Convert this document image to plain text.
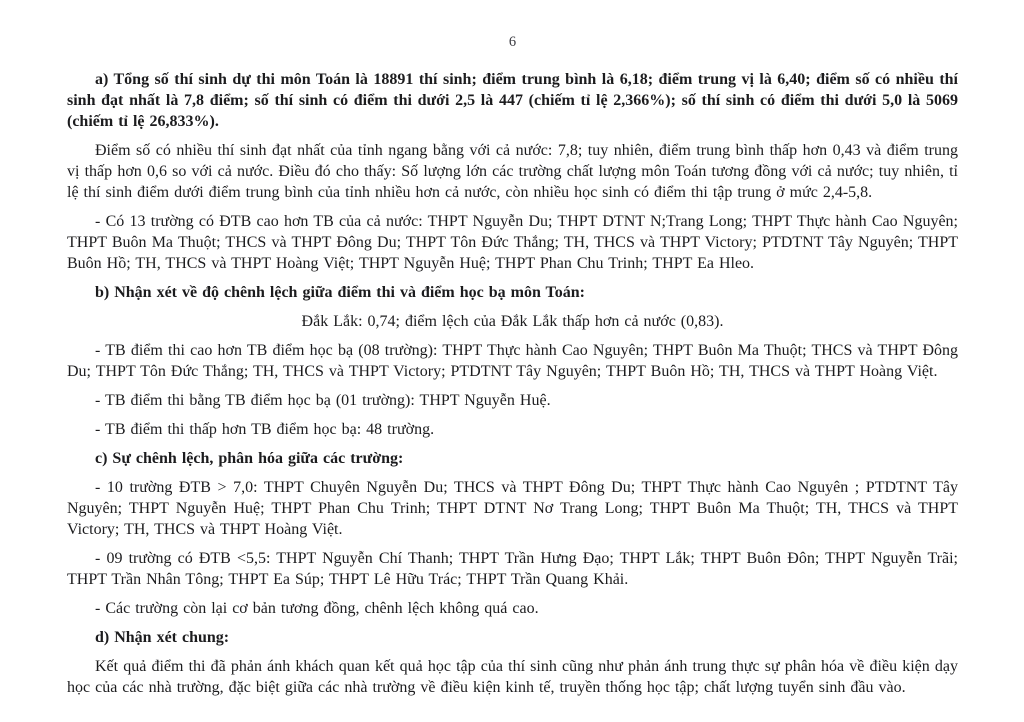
6

a) Tổng số thí sinh dự thi môn Toán là 18891 thí sinh; điểm trung bình là 6,18; điểm trung vị là 6,40; điểm số có nhiều thí sinh đạt nhất là 7,8 điểm; số thí sinh có điểm thi dưới 2,5 là 447 (chiếm tỉ lệ 2,366%); số thí sinh có điểm thi dưới 5,0 là 5069 (chiếm tỉ lệ 26,833%).

Điểm số có nhiều thí sinh đạt nhất của tỉnh ngang bằng với cả nước: 7,8; tuy nhiên, điểm trung bình thấp hơn 0,43 và điểm trung vị thấp hơn 0,6 so với cả nước. Điều đó cho thấy: Số lượng lớn các trường chất lượng môn Toán tương đồng với cả nước; tuy nhiên, tỉ lệ thí sinh điểm dưới điểm trung bình của tỉnh nhiều hơn cả nước, còn nhiều học sinh có điểm thi tập trung ở mức 2,4-5,8.

- Có 13 trường có ĐTB cao hơn TB của cả nước: THPT Nguyễn Du; THPT DTNT N;Trang Long; THPT Thực hành Cao Nguyên; THPT Buôn Ma Thuột; THCS và THPT Đông Du; THPT Tôn Đức Thắng; TH, THCS và THPT Victory; PTDTNT Tây Nguyên; THPT Buôn Hồ; TH, THCS và THPT Hoàng Việt; THPT Nguyễn Huệ; THPT Phan Chu Trinh; THPT Ea Hleo.

b) Nhận xét về độ chênh lệch giữa điểm thi và điểm học bạ môn Toán:

Đắk Lắk: 0,74; điểm lệch của Đắk Lắk thấp hơn cả nước (0,83).

- TB điểm thi cao hơn TB điểm học bạ (08 trường): THPT Thực hành Cao Nguyên; THPT Buôn Ma Thuột; THCS và THPT Đông Du; THPT Tôn Đức Thắng; TH, THCS và THPT Victory; PTDTNT Tây Nguyên; THPT Buôn Hồ; TH, THCS và THPT Hoàng Việt.

- TB điểm thi bằng TB điểm học bạ (01 trường): THPT Nguyễn Huệ.

- TB điểm thi thấp hơn TB điểm học bạ: 48 trường.

c) Sự chênh lệch, phân hóa giữa các trường:

- 10 trường ĐTB > 7,0: THPT Chuyên Nguyễn Du; THCS và THPT Đông Du; THPT Thực hành Cao Nguyên ; PTDTNT Tây Nguyên; THPT Nguyễn Huệ; THPT Phan Chu Trinh; THPT DTNT Nơ Trang Long; THPT Buôn Ma Thuột; TH, THCS và THPT Victory; TH, THCS và THPT Hoàng Việt.

- 09 trường có ĐTB <5,5: THPT Nguyễn Chí Thanh; THPT Trần Hưng Đạo; THPT Lắk; THPT Buôn Đôn; THPT Nguyễn Trãi; THPT Trần Nhân Tông; THPT Ea Súp; THPT Lê Hữu Trác; THPT Trần Quang Khải.

- Các trường còn lại cơ bản tương đồng, chênh lệch không quá cao.

d) Nhận xét chung:

Kết quả điểm thi đã phản ánh khách quan kết quả học tập của thí sinh cũng như phản ánh trung thực sự phân hóa về điều kiện dạy học của các nhà trường, đặc biệt giữa các nhà trường về điều kiện kinh tế, truyền thống học tập; chất lượng tuyển sinh đầu vào.
